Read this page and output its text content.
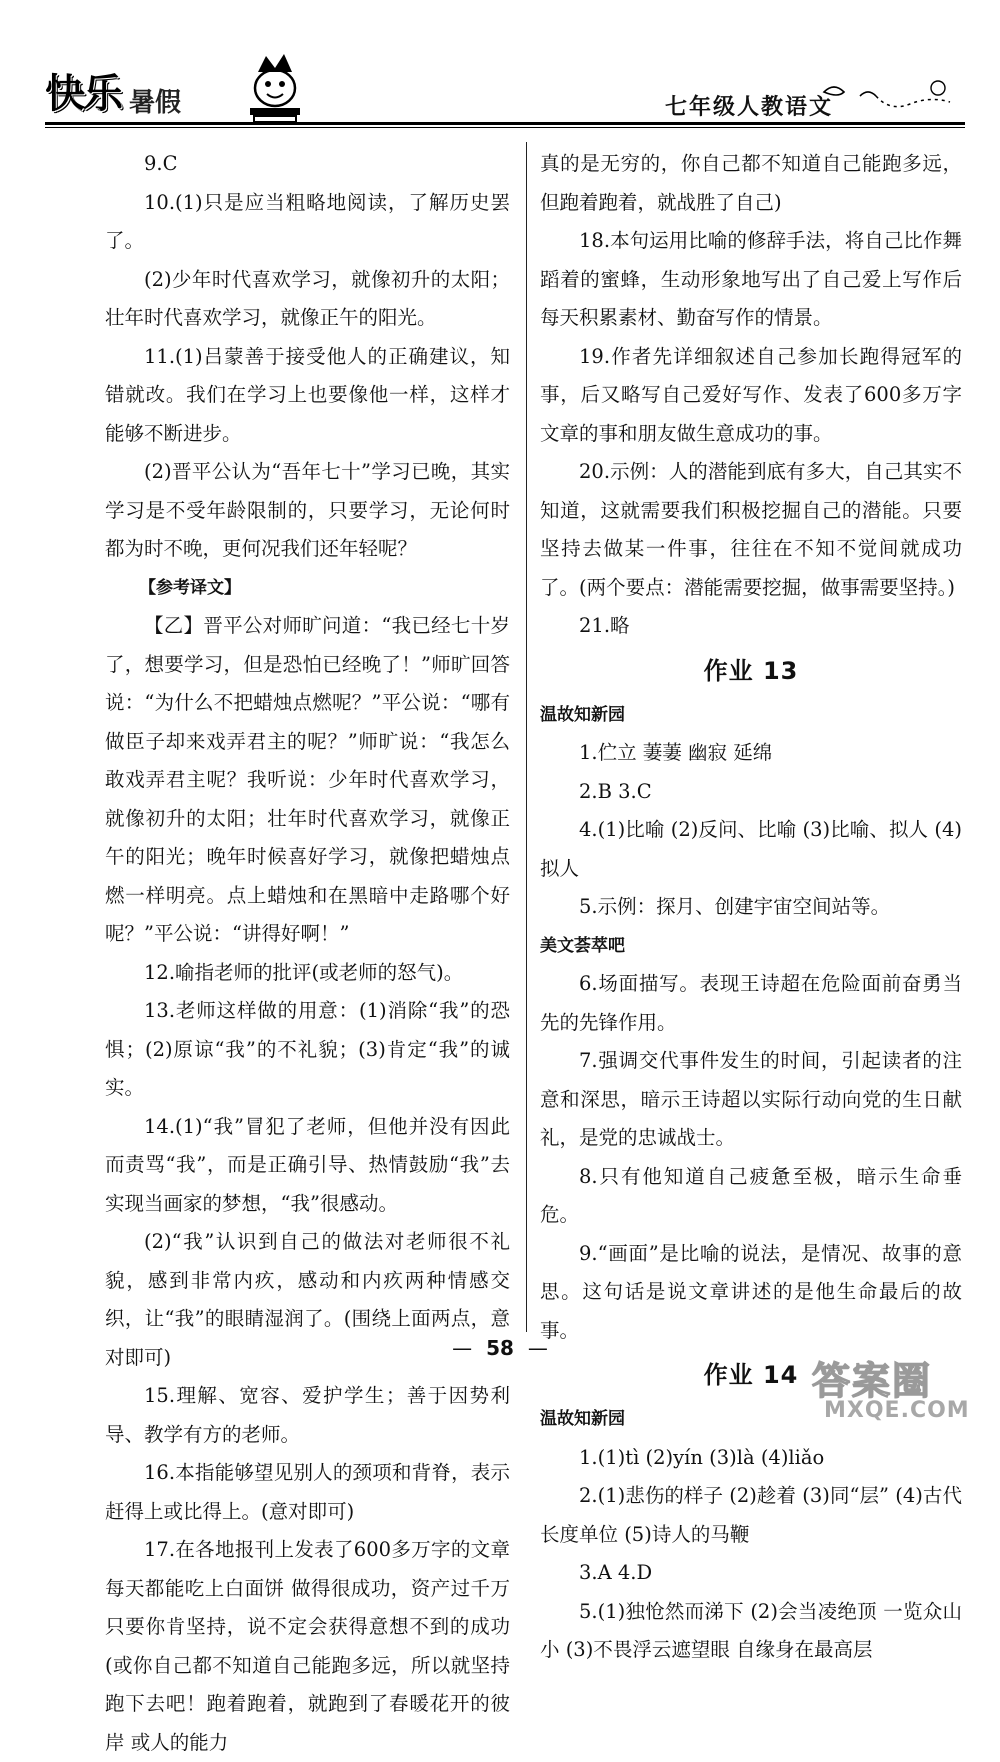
快乐 暑假	七年级人教语文

9.C

10.(1)只是应当粗略地阅读，了解历史罢了。

(2)少年时代喜欢学习，就像初升的太阳；壮年时代喜欢学习，就像正午的阳光。

11.(1)吕蒙善于接受他人的正确建议，知错就改。我们在学习上也要像他一样，这样才能够不断进步。

(2)晋平公认为“吾年七十”学习已晚，其实学习是不受年龄限制的，只要学习，无论何时都为时不晚，更何况我们还年轻呢？

【参考译文】

【乙】晋平公对师旷问道：“我已经七十岁了，想要学习，但是恐怕已经晚了！”师旷回答说：“为什么不把蜡烛点燃呢？”平公说：“哪有做臣子却来戏弄君主的呢？”师旷说：“我怎么敢戏弄君主呢？我听说：少年时代喜欢学习，就像初升的太阳；壮年时代喜欢学习，就像正午的阳光；晚年时候喜好学习，就像把蜡烛点燃一样明亮。点上蜡烛和在黑暗中走路哪个好呢？”平公说：“讲得好啊！”

12.喻指老师的批评(或老师的怒气)。

13.老师这样做的用意：(1)消除“我”的恐惧；(2)原谅“我”的不礼貌；(3)肯定“我”的诚实。

14.(1)“我”冒犯了老师，但他并没有因此而责骂“我”，而是正确引导、热情鼓励“我”去实现当画家的梦想，“我”很感动。

(2)“我”认识到自己的做法对老师很不礼貌，感到非常内疚，感动和内疚两种情感交织，让“我”的眼睛湿润了。(围绕上面两点，意对即可)

15.理解、宽容、爱护学生；善于因势利导、教学有方的老师。

16.本指能够望见别人的颈项和背脊，表示赶得上或比得上。(意对即可)

17.在各地报刊上发表了600多万字的文章 每天都能吃上白面饼 做得很成功，资产过千万 只要你肯坚持，说不定会获得意想不到的成功(或你自己都不知道自己能跑多远，所以就坚持跑下去吧！跑着跑着，就跑到了春暖花开的彼岸 或人的能力

真的是无穷的，你自己都不知道自己能跑多远，但跑着跑着，就战胜了自己)

18.本句运用比喻的修辞手法，将自己比作舞蹈着的蜜蜂，生动形象地写出了自己爱上写作后每天积累素材、勤奋写作的情景。

19.作者先详细叙述自己参加长跑得冠军的事，后又略写自己爱好写作、发表了600多万字文章的事和朋友做生意成功的事。

20.示例：人的潜能到底有多大，自己其实不知道，这就需要我们积极挖掘自己的潜能。只要坚持去做某一件事，往往在不知不觉间就成功了。(两个要点：潜能需要挖掘，做事需要坚持。)

21.略

作业 13

温故知新园

1.伫立 萋萋 幽寂 延绵

2.B 3.C

4.(1)比喻 (2)反问、比喻 (3)比喻、拟人 (4)拟人

5.示例：探月、创建宇宙空间站等。

美文荟萃吧

6.场面描写。表现王诗超在危险面前奋勇当先的先锋作用。

7.强调交代事件发生的时间，引起读者的注意和深思，暗示王诗超以实际行动向党的生日献礼，是党的忠诚战士。

8.只有他知道自己疲惫至极，暗示生命垂危。

9.“画面”是比喻的说法，是情况、故事的意思。这句话是说文章讲述的是他生命最后的故事。

作业 14

温故知新园

1.(1)tì (2)yín (3)là (4)liǎo

2.(1)悲伤的样子 (2)趁着 (3)同“层” (4)古代长度单位 (5)诗人的马鞭

3.A 4.D

5.(1)独怆然而涕下 (2)会当凌绝顶 一览众山小 (3)不畏浮云遮望眼 自缘身在最高层

— 58 —
答案圈
MXQE.COM
